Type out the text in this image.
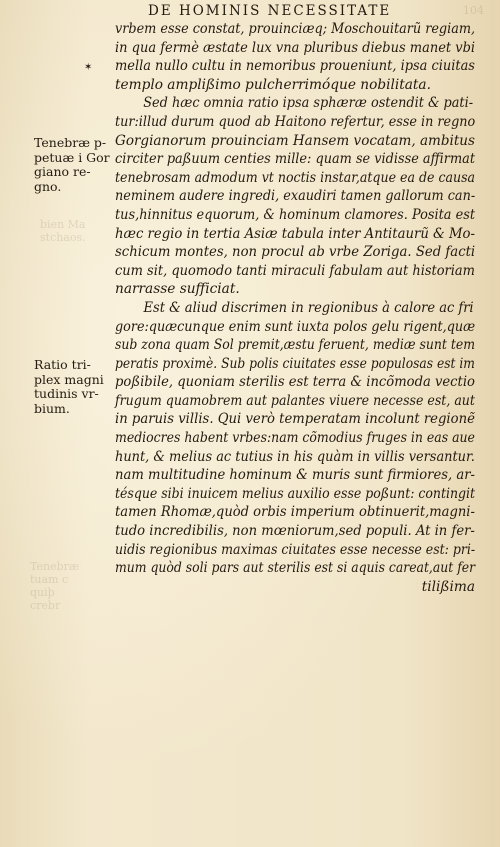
104
bien Ma
stchaos.
Tenebræ
tuam c
quiþ
crebr
DE HOMINIS NECESSITATE
✶
Tenebræ p-
petuæ i Gor
giano re-
gno.
Ratio tri-
plex magni
tudinis vr-
bium.
vrbem esse constat, prouinciæq; Moschouitarũ regiam,
in qua fermè æstate lux vna pluribus diebus manet vbi
mella nullo cultu in nemoribus proueniunt, ipsa ciuitas
templo amplißimo pulcherrimóque nobilitata.
Sed hæc omnia ratio ipsa sphæræ ostendit & pati-
tur:illud durum quod ab Haitono refertur, esse in regno
Gorgianorum prouinciam Hansem vocatam, ambitus
circiter paßuum centies mille: quam se vidisse affirmat
tenebrosam admodum vt noctis instar,atque ea de causa
neminem audere ingredi, exaudiri tamen gallorum can-
tus,hinnitus equorum, & hominum clamores. Posita est
hæc regio in tertia Asiæ tabula inter Antitaurũ & Mo-
schicum montes, non procul ab vrbe Zoriga. Sed facti
cum sit, quomodo tanti miraculi fabulam aut historiam
narrasse sufficiat.
Est & aliud discrimen in regionibus à calore ac fri
gore:quæcunque enim sunt iuxta polos gelu rigent,quæ
sub zona quam Sol premit,æstu feruent, mediæ sunt tem
peratis proximè. Sub polis ciuitates esse populosas est im
poßibile, quoniam sterilis est terra & incõmoda vectio
frugum quamobrem aut palantes viuere necesse est, aut
in paruis villis. Qui verò temperatam incolunt regionẽ
mediocres habent vrbes:nam cõmodius fruges in eas aue
hunt, & melius ac tutius in his quàm in villis versantur.
nam multitudine hominum & muris sunt firmiores, ar-
tésque sibi inuicem melius auxilio esse poßunt: contingit
tamen Rhomæ,quòd orbis imperium obtinuerit,magni-
tudo incredibilis, non mœniorum,sed populi. At in fer-
uidis regionibus maximas ciuitates esse necesse est: pri-
mum quòd soli pars aut sterilis est si aquis careat,aut fer
tilißima
